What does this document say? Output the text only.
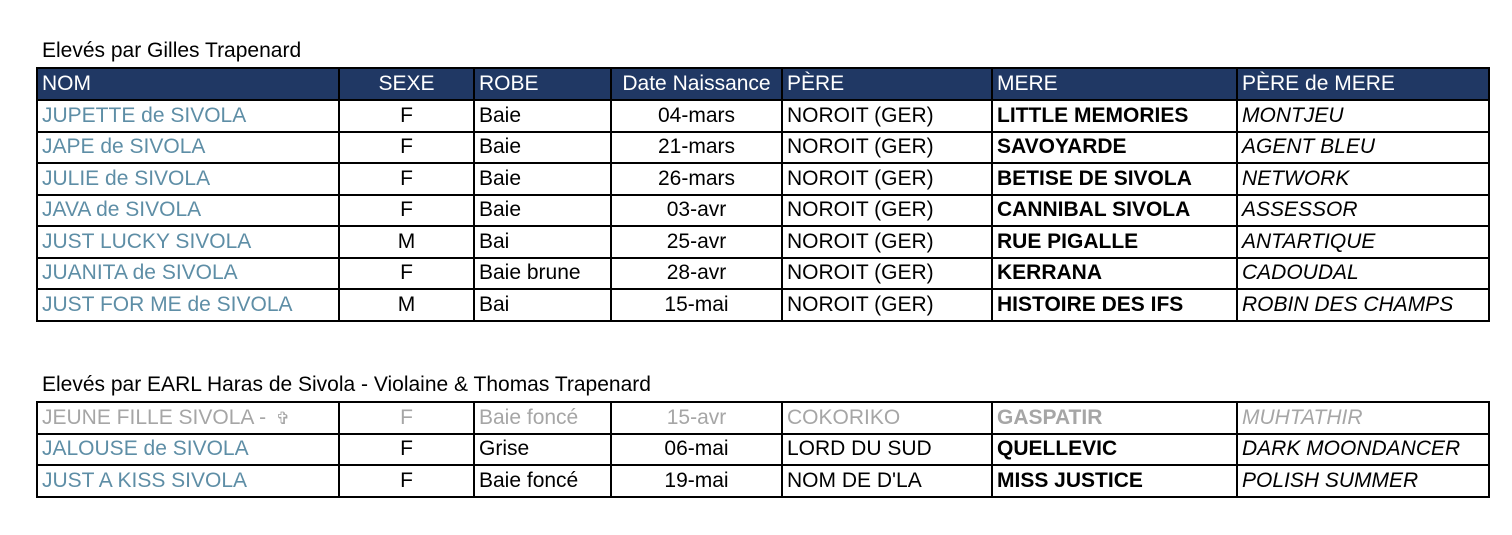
Elevés par Gilles Trapenard
NOM	SEXE	ROBE	Date Naissance	PÈRE	MERE	PÈRE de MERE
JUPETTE de SIVOLA	F	Baie	04-mars	NOROIT (GER)	LITTLE MEMORIES	MONTJEU
JAPE de SIVOLA	F	Baie	21-mars	NOROIT (GER)	SAVOYARDE	AGENT BLEU
JULIE de SIVOLA	F	Baie	26-mars	NOROIT (GER)	BETISE DE SIVOLA	NETWORK
JAVA de SIVOLA	F	Baie	03-avr	NOROIT (GER)	CANNIBAL SIVOLA	ASSESSOR
JUST LUCKY SIVOLA	M	Bai	25-avr	NOROIT (GER)	RUE PIGALLE	ANTARTIQUE
JUANITA de SIVOLA	F	Baie brune	28-avr	NOROIT (GER)	KERRANA	CADOUDAL
JUST FOR ME de SIVOLA	M	Bai	15-mai	NOROIT (GER)	HISTOIRE DES IFS	ROBIN DES CHAMPS
Elevés par EARL Haras de Sivola - Violaine & Thomas Trapenard
JEUNE FILLE SIVOLA - ✞	F	Baie foncé	15-avr	COKORIKO	GASPATIR	MUHTATHIR
JALOUSE de SIVOLA	F	Grise	06-mai	LORD DU SUD	QUELLEVIC	DARK MOONDANCER
JUST A KISS SIVOLA	F	Baie foncé	19-mai	NOM DE D'LA	MISS JUSTICE	POLISH SUMMER
